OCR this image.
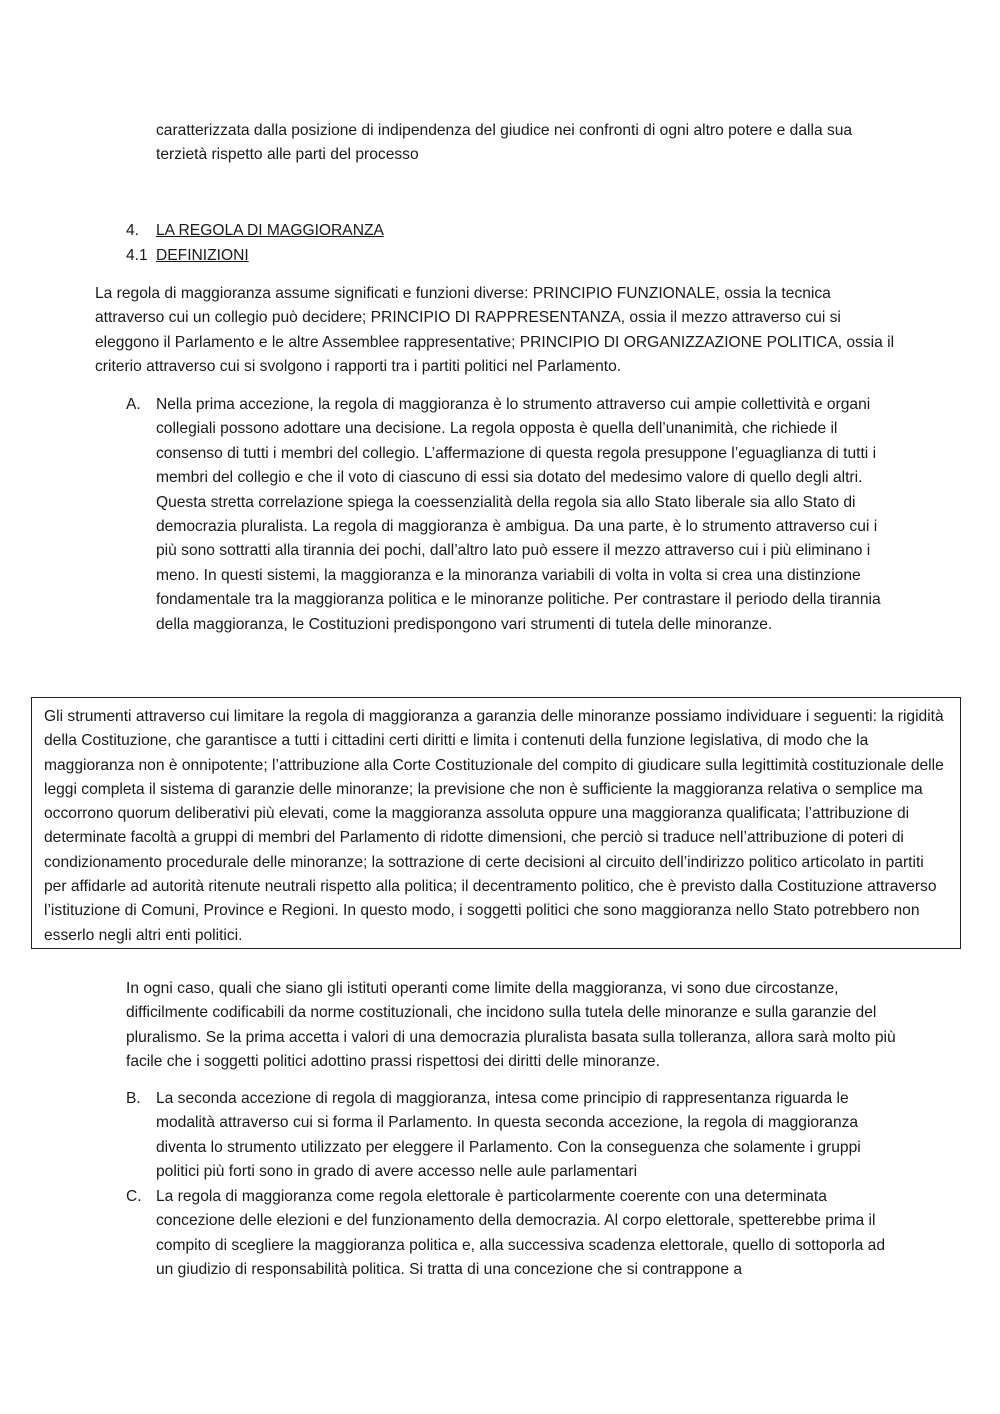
caratterizzata dalla posizione di indipendenza del giudice nei confronti di ogni altro potere e dalla sua terzietà rispetto alle parti del processo

4. LA REGOLA DI MAGGIORANZA
4.1 DEFINIZIONI

La regola di maggioranza assume significati e funzioni diverse: PRINCIPIO FUNZIONALE, ossia la tecnica attraverso cui un collegio può decidere; PRINCIPIO DI RAPPRESENTANZA, ossia il mezzo attraverso cui si eleggono il Parlamento e le altre Assemblee rappresentative; PRINCIPIO DI ORGANIZZAZIONE POLITICA, ossia il criterio attraverso cui si svolgono i rapporti tra i partiti politici nel Parlamento.

A. Nella prima accezione, la regola di maggioranza è lo strumento attraverso cui ampie collettività e organi collegiali possono adottare una decisione. La regola opposta è quella dell’unanimità, che richiede il consenso di tutti i membri del collegio. L’affermazione di questa regola presuppone l’eguaglianza di tutti i membri del collegio e che il voto di ciascuno di essi sia dotato del medesimo valore di quello degli altri. Questa stretta correlazione spiega la coessenzialità della regola sia allo Stato liberale sia allo Stato di democrazia pluralista. La regola di maggioranza è ambigua. Da una parte, è lo strumento attraverso cui i più sono sottratti alla tirannia dei pochi, dall’altro lato può essere il mezzo attraverso cui i più eliminano i meno. In questi sistemi, la maggioranza e la minoranza variabili di volta in volta si crea una distinzione fondamentale tra la maggioranza politica e le minoranze politiche. Per contrastare il periodo della tirannia della maggioranza, le Costituzioni predispongono vari strumenti di tutela delle minoranze.
Gli strumenti attraverso cui limitare la regola di maggioranza a garanzia delle minoranze possiamo individuare i seguenti: la rigidità della Costituzione, che garantisce a tutti i cittadini certi diritti e limita i contenuti della funzione legislativa, di modo che la maggioranza non è onnipotente; l’attribuzione alla Corte Costituzionale del compito di giudicare sulla legittimità costituzionale delle leggi completa il sistema di garanzie delle minoranze; la previsione che non è sufficiente la maggioranza relativa o semplice ma occorrono quorum deliberativi più elevati, come la maggioranza assoluta oppure una maggioranza qualificata; l’attribuzione di determinate facoltà a gruppi di membri del Parlamento di ridotte dimensioni, che perciò si traduce nell’attribuzione di poteri di condizionamento procedurale delle minoranze; la sottrazione di certe decisioni al circuito dell’indirizzo politico articolato in partiti per affidarle ad autorità ritenute neutrali rispetto alla politica; il decentramento politico, che è previsto dalla Costituzione attraverso l’istituzione di Comuni, Province e Regioni. In questo modo, i soggetti politici che sono maggioranza nello Stato potrebbero non esserlo negli altri enti politici.

In ogni caso, quali che siano gli istituti operanti come limite della maggioranza, vi sono due circostanze, difficilmente codificabili da norme costituzionali, che incidono sulla tutela delle minoranze e sulla garanzie del pluralismo. Se la prima accetta i valori di una democrazia pluralista basata sulla tolleranza, allora sarà molto più facile che i soggetti politici adottino prassi rispettosi dei diritti delle minoranze.

B. La seconda accezione di regola di maggioranza, intesa come principio di rappresentanza riguarda le modalità attraverso cui si forma il Parlamento. In questa seconda accezione, la regola di maggioranza diventa lo strumento utilizzato per eleggere il Parlamento. Con la conseguenza che solamente i gruppi politici più forti sono in grado di avere accesso nelle aule parlamentari
C. La regola di maggioranza come regola elettorale è particolarmente coerente con una determinata concezione delle elezioni e del funzionamento della democrazia. Al corpo elettorale, spetterebbe prima il compito di scegliere la maggioranza politica e, alla successiva scadenza elettorale, quello di sottoporla ad un giudizio di responsabilità politica. Si tratta di una concezione che si contrappone a
